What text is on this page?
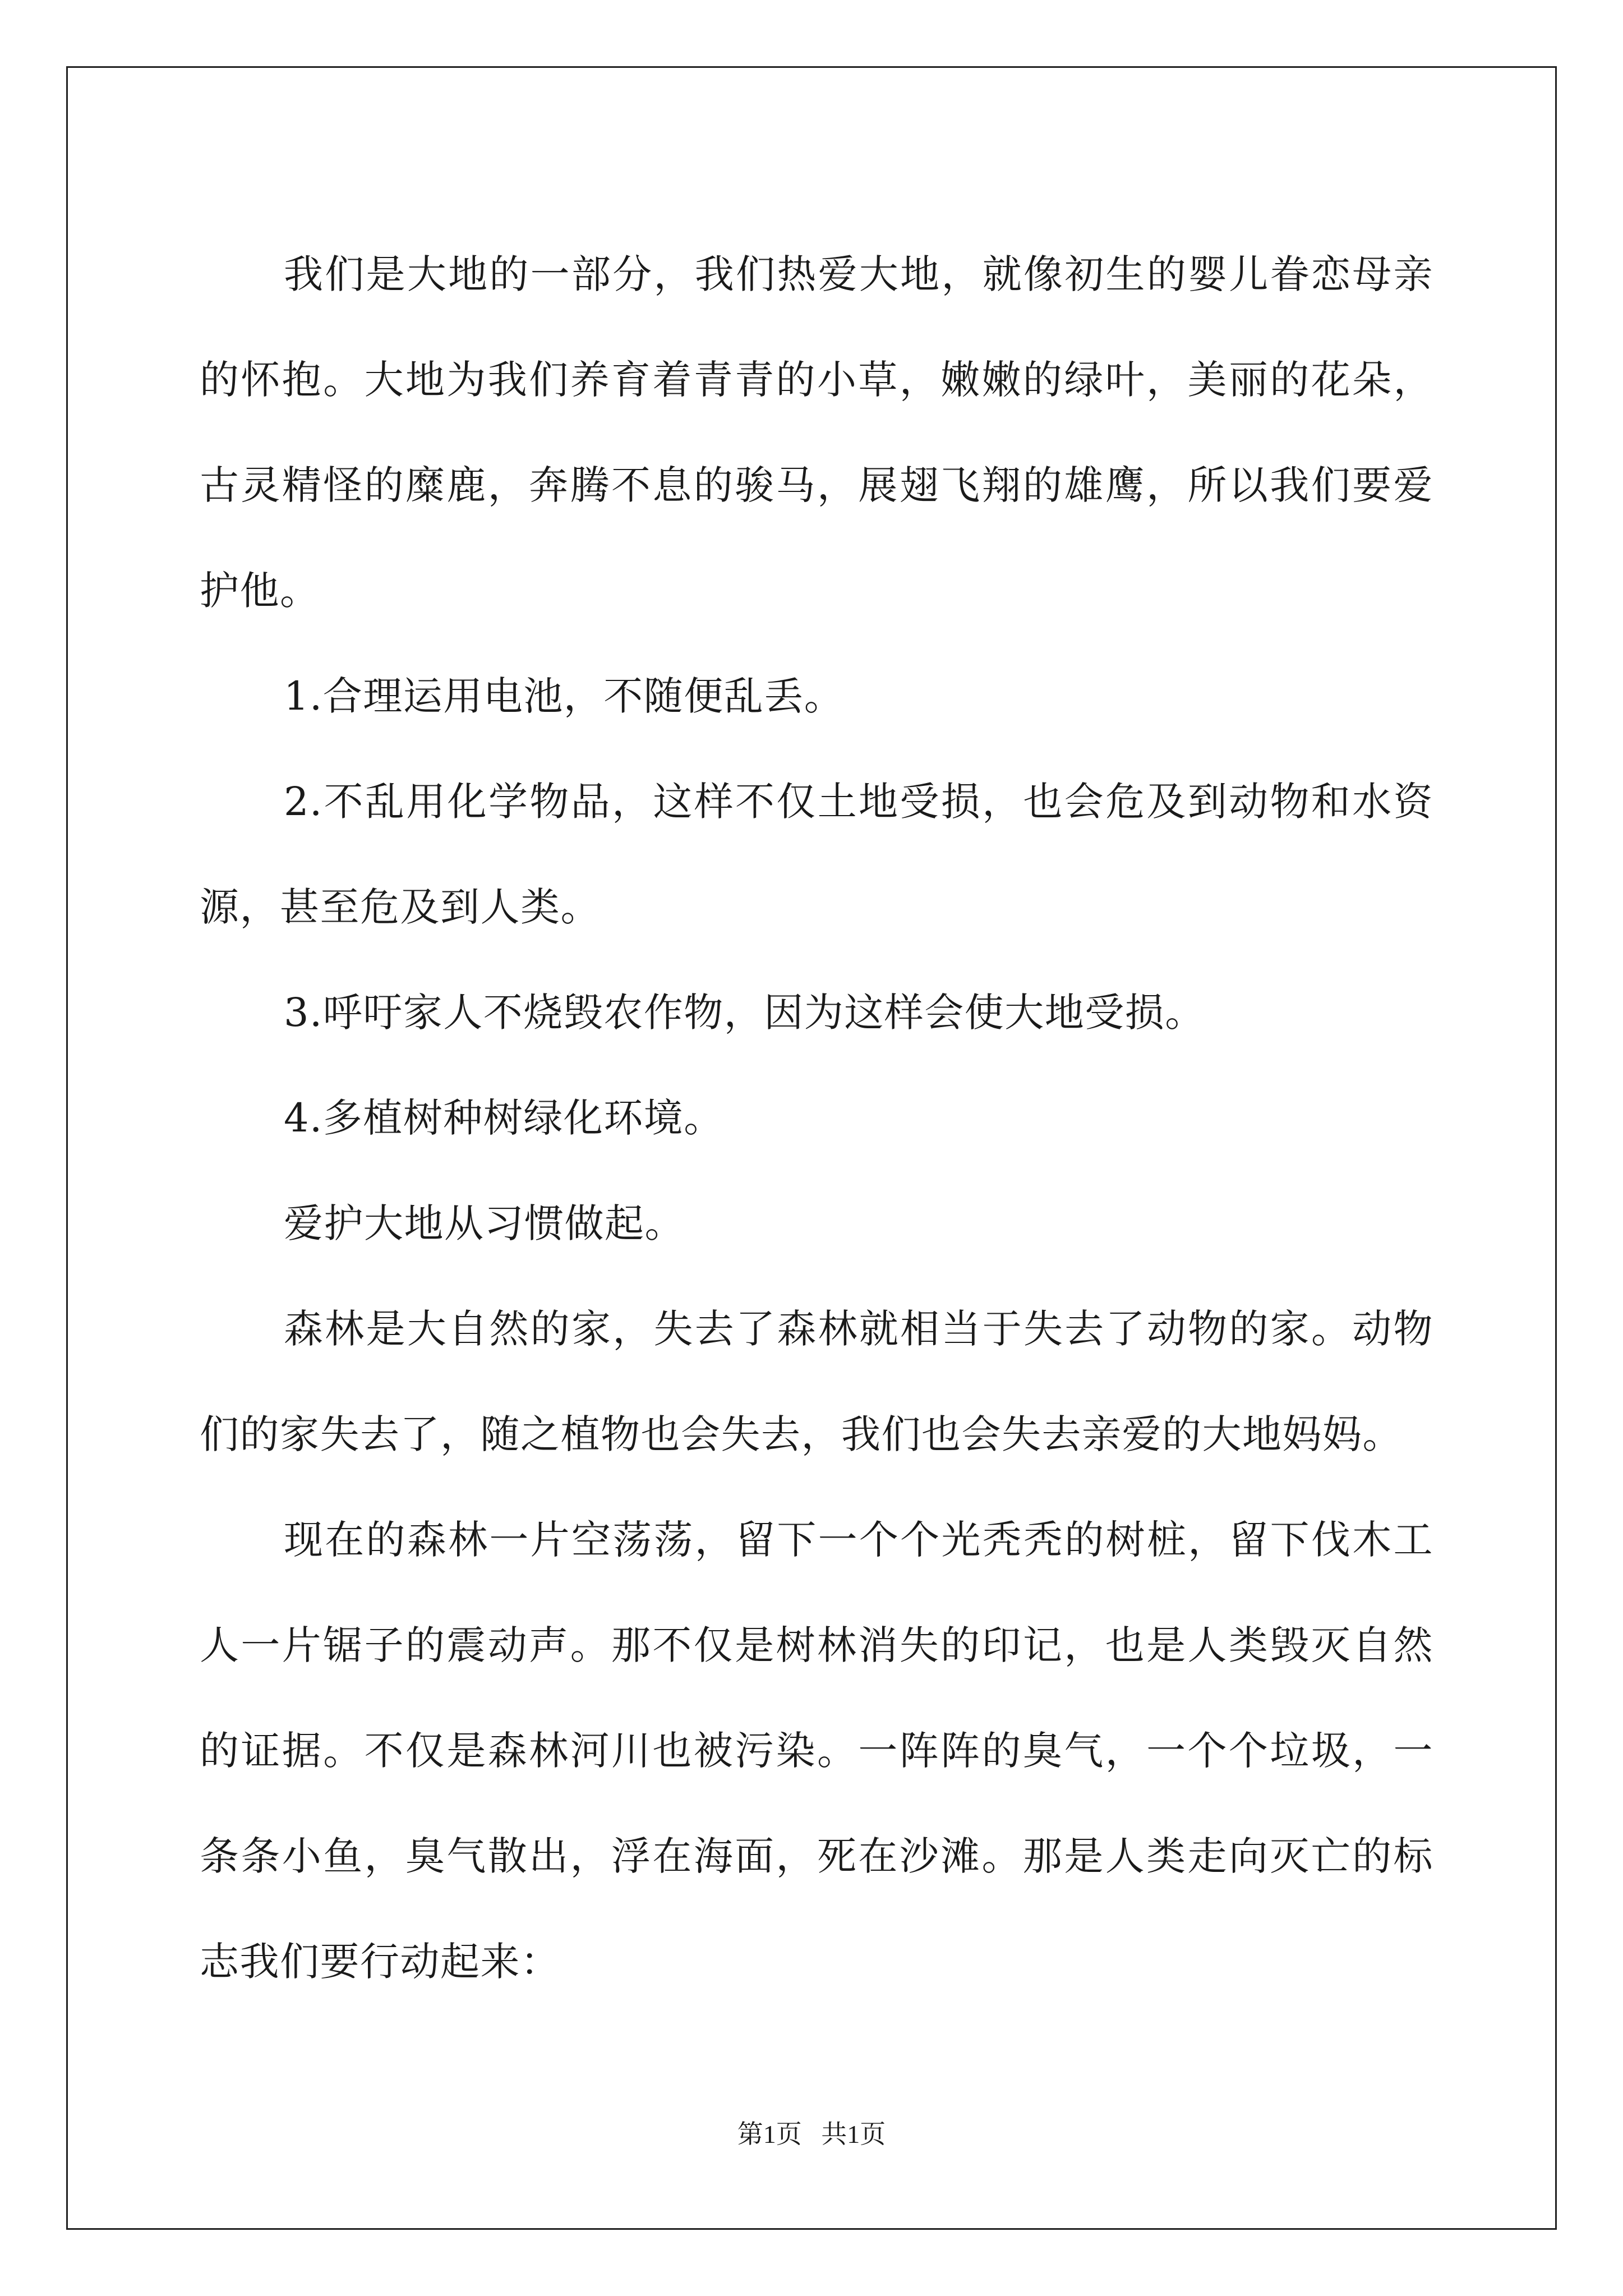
我们是大地的一部分，我们热爱大地，就像初生的婴儿眷恋母亲的怀抱。大地为我们养育着青青的小草，嫩嫩的绿叶，美丽的花朵，古灵精怪的糜鹿，奔腾不息的骏马，展翅飞翔的雄鹰，所以我们要爱护他。

1.合理运用电池，不随便乱丢。

2.不乱用化学物品，这样不仅土地受损，也会危及到动物和水资源，甚至危及到人类。

3.呼吁家人不烧毁农作物，因为这样会使大地受损。

4.多植树种树绿化环境。

爱护大地从习惯做起。

森林是大自然的家，失去了森林就相当于失去了动物的家。动物们的家失去了，随之植物也会失去，我们也会失去亲爱的大地妈妈。

现在的森林一片空荡荡，留下一个个光秃秃的树桩，留下伐木工人一片锯子的震动声。那不仅是树林消失的印记，也是人类毁灭自然的证据。不仅是森林河川也被污染。一阵阵的臭气，一个个垃圾，一条条小鱼，臭气散出，浮在海面，死在沙滩。那是人类走向灭亡的标志我们要行动起来：

第1页 共1页
